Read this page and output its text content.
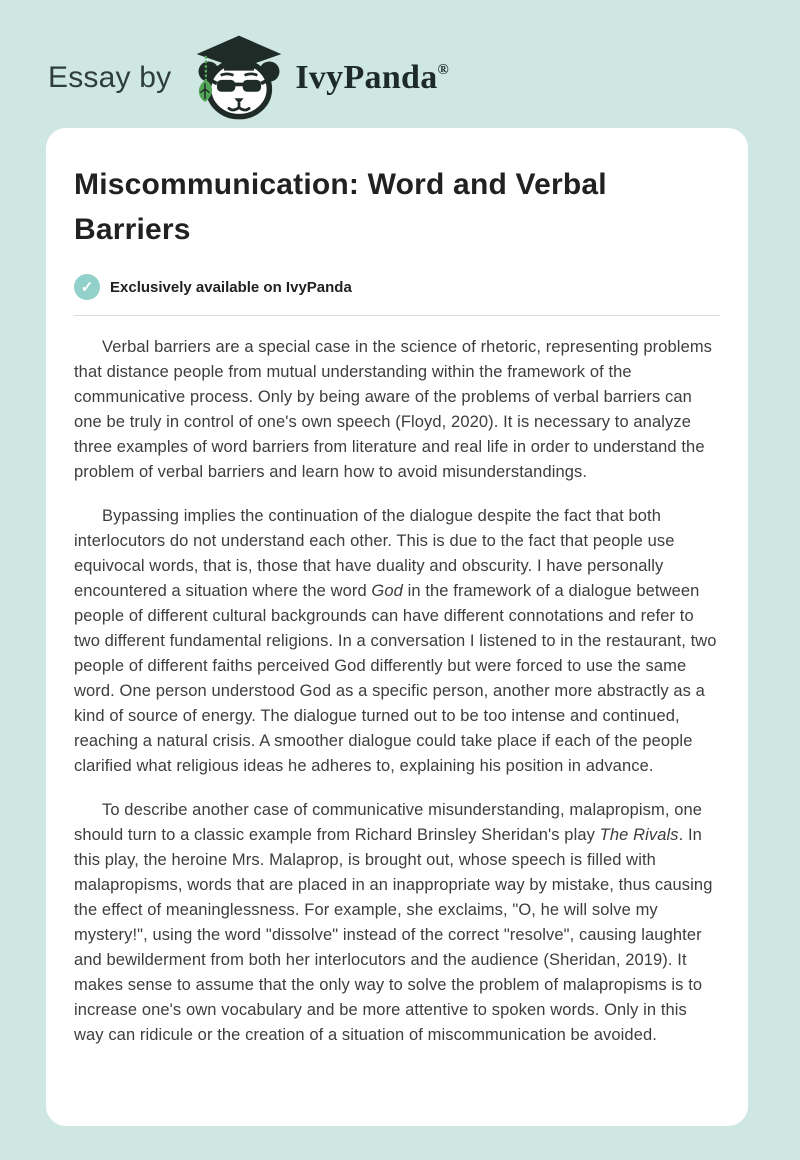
Essay by	IvyPanda®
Miscommunication: Word and Verbal Barriers
✓	Exclusively available on IvyPanda

Verbal barriers are a special case in the science of rhetoric, representing problems that distance people from mutual understanding within the framework of the communicative process. Only by being aware of the problems of verbal barriers can one be truly in control of one's own speech (Floyd, 2020). It is necessary to analyze three examples of word barriers from literature and real life in order to understand the problem of verbal barriers and learn how to avoid misunderstandings.

Bypassing implies the continuation of the dialogue despite the fact that both interlocutors do not understand each other. This is due to the fact that people use equivocal words, that is, those that have duality and obscurity. I have personally encountered a situation where the word God in the framework of a dialogue between people of different cultural backgrounds can have different connotations and refer to two different fundamental religions. In a conversation I listened to in the restaurant, two people of different faiths perceived God differently but were forced to use the same word. One person understood God as a specific person, another more abstractly as a kind of source of energy. The dialogue turned out to be too intense and continued, reaching a natural crisis. A smoother dialogue could take place if each of the people clarified what religious ideas he adheres to, explaining his position in advance.

To describe another case of communicative misunderstanding, malapropism, one should turn to a classic example from Richard Brinsley Sheridan's play The Rivals. In this play, the heroine Mrs. Malaprop, is brought out, whose speech is filled with malapropisms, words that are placed in an inappropriate way by mistake, thus causing the effect of meaninglessness. For example, she exclaims, "O, he will solve my mystery!", using the word "dissolve" instead of the correct "resolve", causing laughter and bewilderment from both her interlocutors and the audience (Sheridan, 2019). It makes sense to assume that the only way to solve the problem of malapropisms is to increase one's own vocabulary and be more attentive to spoken words. Only in this way can ridicule or the creation of a situation of miscommunication be avoided.
